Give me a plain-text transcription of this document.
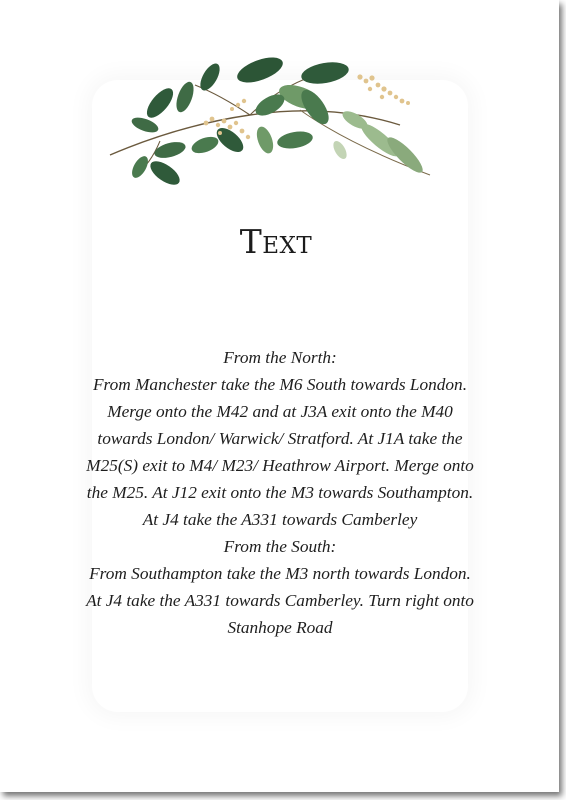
Text
From the North:
From Manchester take the M6 South towards London.
Merge onto the M42 and at J3A exit onto the M40
towards London/ Warwick/ Stratford. At J1A take the
M25(S) exit to M4/ M23/ Heathrow Airport. Merge onto
the M25. At J12 exit onto the M3 towards Southampton.
At J4 take the A331 towards Camberley
From the South:
From Southampton take the M3 north towards London.
At J4 take the A331 towards Camberley. Turn right onto
Stanhope Road
